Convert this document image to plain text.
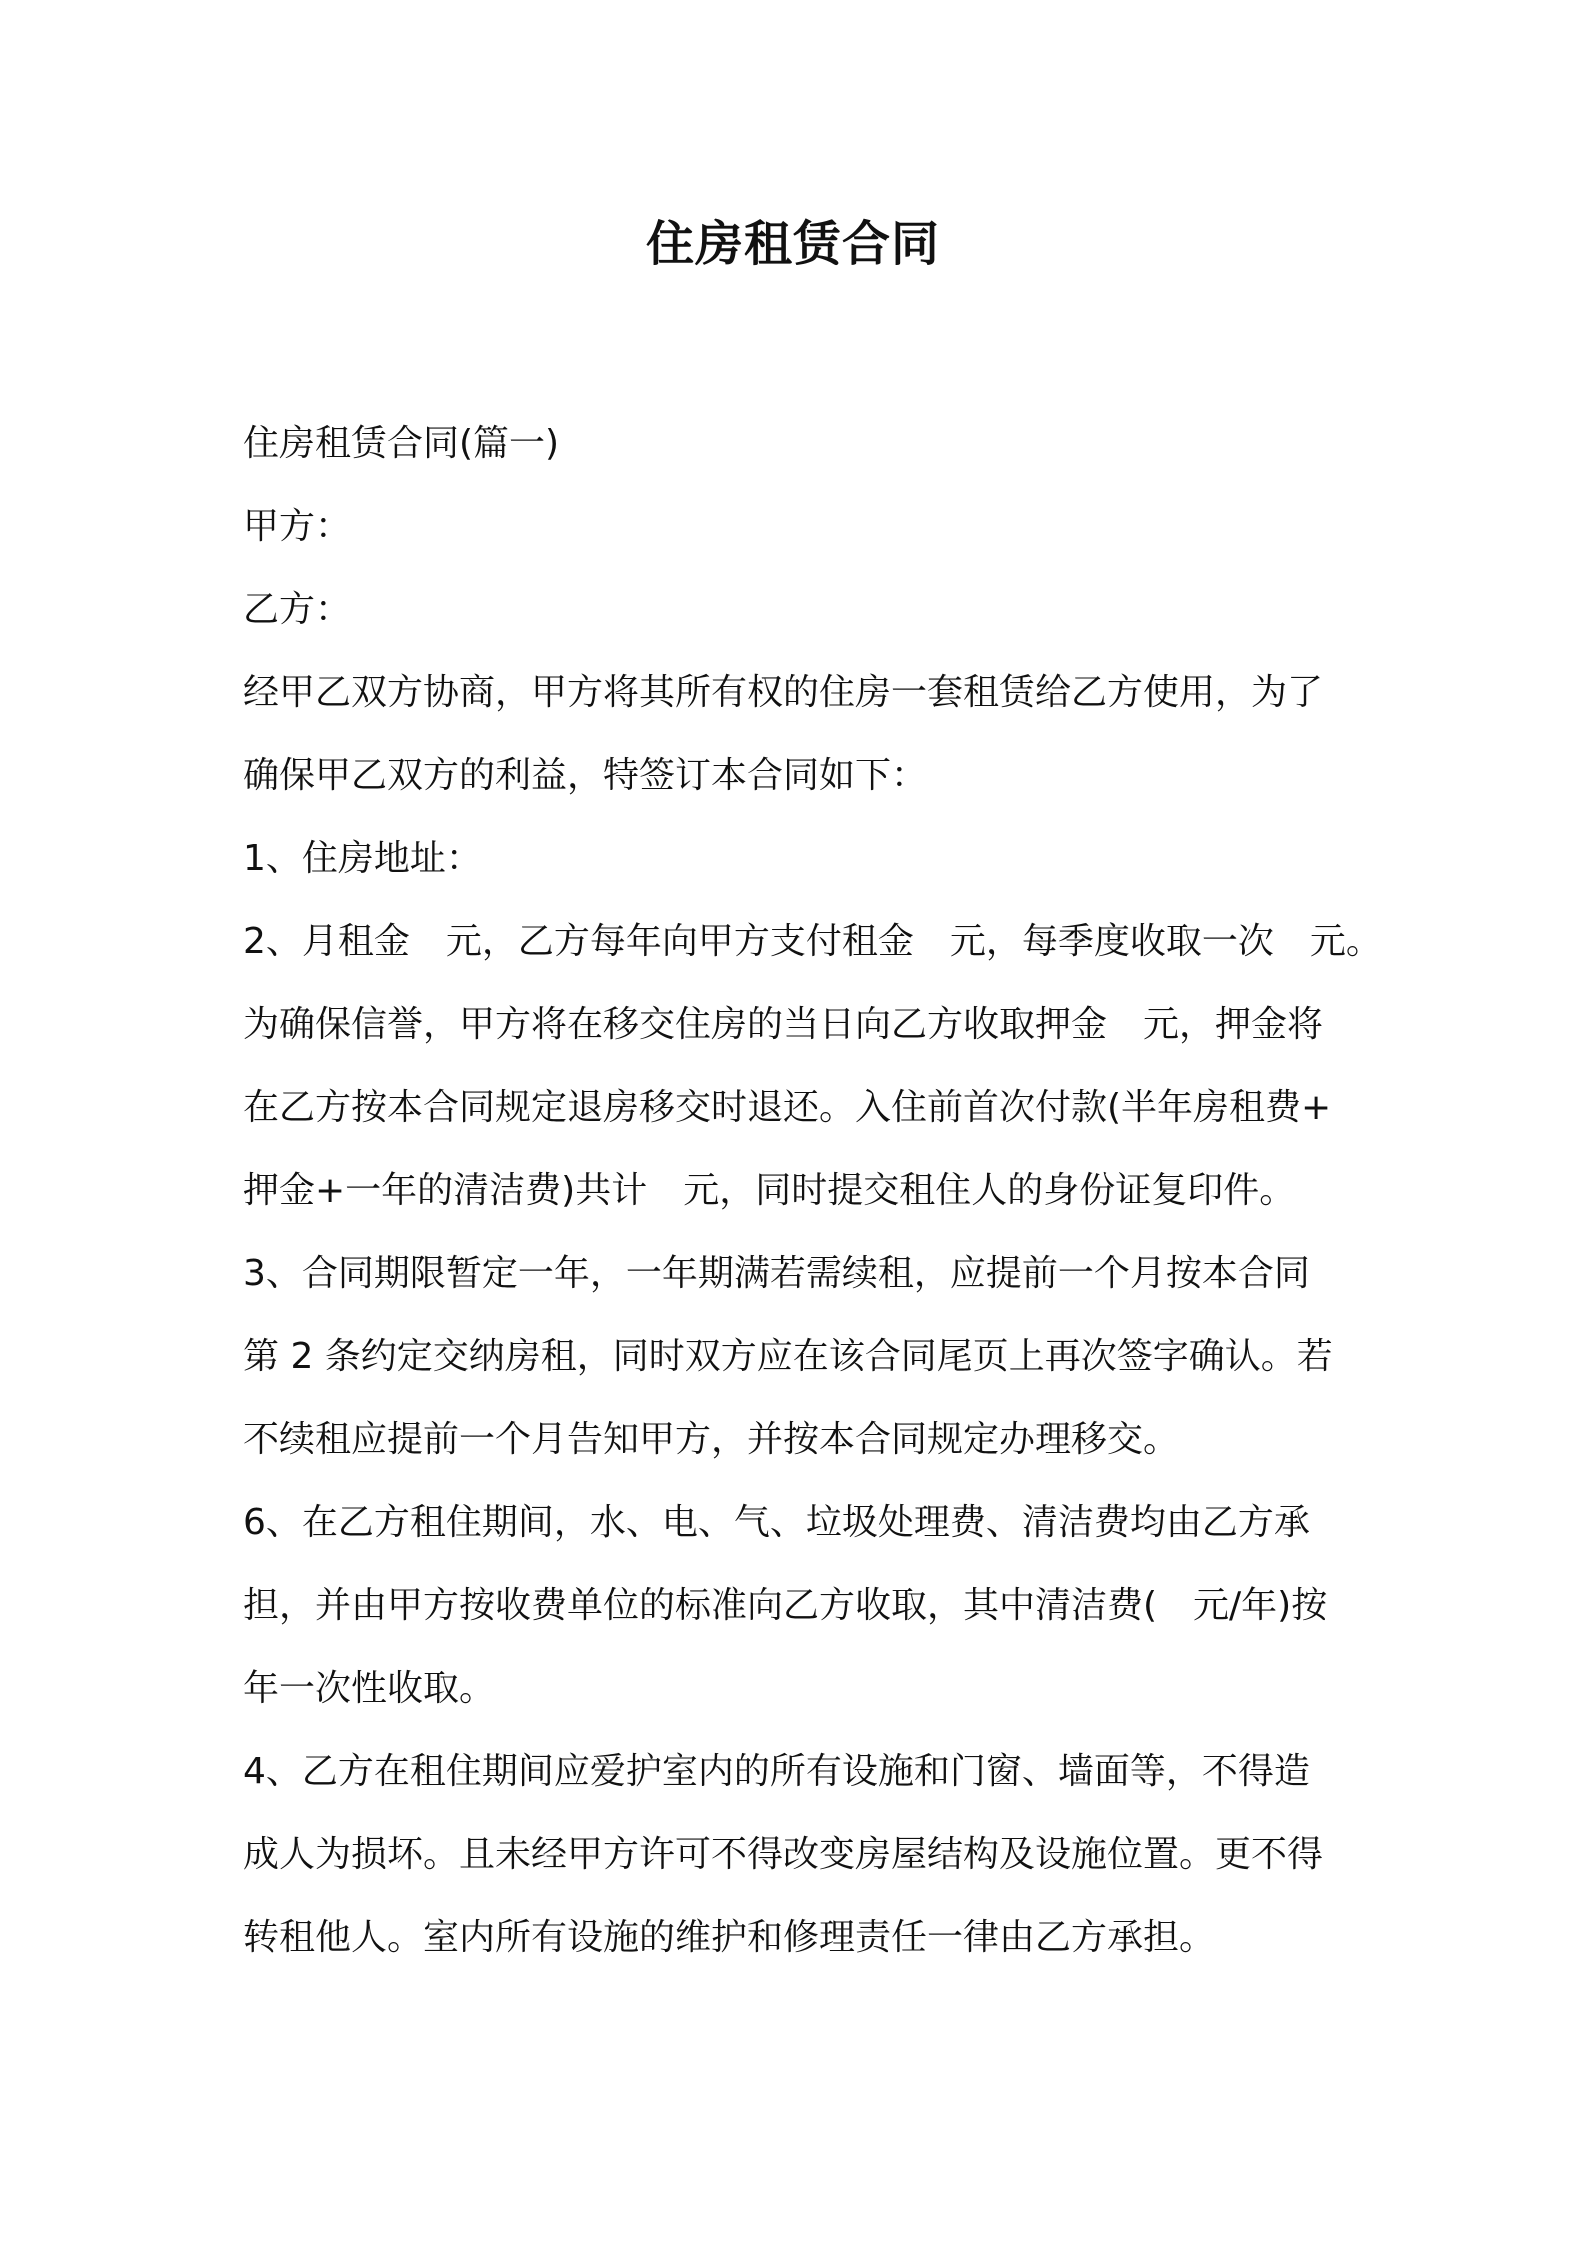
住房租赁合同

住房租赁合同(篇一)

甲方：

乙方：

经甲乙双方协商，甲方将其所有权的住房一套租赁给乙方使用，为了

确保甲乙双方的利益，特签订本合同如下：

1、住房地址：

2、月租金　元，乙方每年向甲方支付租金　元，每季度收取一次　元。

为确保信誉，甲方将在移交住房的当日向乙方收取押金　元，押金将

在乙方按本合同规定退房移交时退还。入住前首次付款(半年房租费+

押金+一年的清洁费)共计　元，同时提交租住人的身份证复印件。

3、合同期限暂定一年，一年期满若需续租，应提前一个月按本合同

第 2 条约定交纳房租，同时双方应在该合同尾页上再次签字确认。若

不续租应提前一个月告知甲方，并按本合同规定办理移交。

6、在乙方租住期间，水、电、气、垃圾处理费、清洁费均由乙方承

担，并由甲方按收费单位的标准向乙方收取，其中清洁费(　元/年)按

年一次性收取。

4、乙方在租住期间应爱护室内的所有设施和门窗、墙面等，不得造

成人为损坏。且未经甲方许可不得改变房屋结构及设施位置。更不得

转租他人。室内所有设施的维护和修理责任一律由乙方承担。
